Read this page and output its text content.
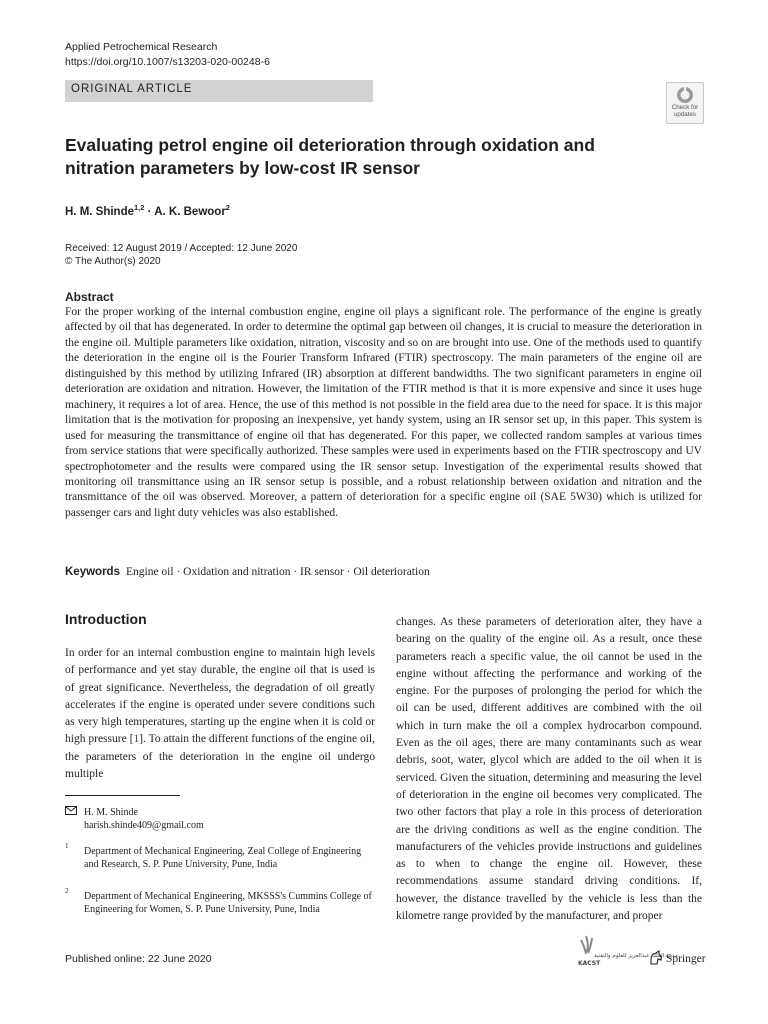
Applied Petrochemical Research
https://doi.org/10.1007/s13203-020-00248-6
ORIGINAL ARTICLE
Check for updates
Evaluating petrol engine oil deterioration through oxidation and nitration parameters by low-cost IR sensor
H. M. Shinde$^{1,2}$ · A. K. Bewoor$^2$
Received: 12 August 2019 / Accepted: 12 June 2020
© The Author(s) 2020
Abstract
For the proper working of the internal combustion engine, engine oil plays a significant role. The performance of the engine is greatly affected by oil that has degenerated. In order to determine the optimal gap between oil changes, it is crucial to measure the deterioration in the engine oil. Multiple parameters like oxidation, nitration, viscosity and so on are brought into use. One of the methods used to quantify the deterioration in the engine oil is the Fourier Transform Infrared (FTIR) spectroscopy. The main parameters of the engine oil are distinguished by this method by utilizing Infrared (IR) absorption at different bandwidths. The two significant parameters in engine oil deterioration are oxidation and nitration. However, the limitation of the FTIR method is that it is more expensive and since it uses huge machinery, it requires a lot of area. Hence, the use of this method is not possible in the field area due to the need for space. It is this major limitation that is the motivation for proposing an inexpensive, yet handy system, using an IR sensor set up, in this paper. This system is used for measuring the transmittance of engine oil that has degenerated. For this paper, we collected random samples at various times from service stations that were specifically authorized. These samples were used in experiments based on the FTIR spectroscopy and UV spectrophotometer and the results were compared using the IR sensor setup. Investigation of the experimental results showed that monitoring oil transmittance using an IR sensor setup is possible, and a robust relationship between oxidation and nitration and the transmittance of the oil was observed. Moreover, a pattern of deterioration for a specific engine oil (SAE 5W30) which is utilized for passenger cars and light duty vehicles was also established.
Keywords Engine oil · Oxidation and nitration · IR sensor · Oil deterioration
Introduction
In order for an internal combustion engine to maintain high levels of performance and yet stay durable, the engine oil that is used is of great significance. Nevertheless, the degradation of oil greatly accelerates if the engine is operated under severe conditions such as very high temperatures, starting up the engine when it is cold or high pressure [1]. To attain the different functions of the engine oil, the parameters of the deterioration in the engine oil undergo multiple
changes. As these parameters of deterioration alter, they have a bearing on the quality of the engine oil. As a result, once these parameters reach a specific value, the oil cannot be used in the engine without affecting the performance and working of the engine. For the purposes of prolonging the period for which the oil can be used, different additives are combined with the oil which in turn make the oil a complex hydrocarbon compound. Even as the oil ages, there are many contaminants such as wear debris, soot, water, glycol which are added to the oil when it is serviced. Given the situation, determining and measuring the level of deterioration in the engine oil becomes very complicated. The two other factors that play a role in this process of deterioration are the driving conditions as well as the engine condition. The manufacturers of the vehicles provide instructions and guidelines as to when to change the engine oil. However, these recommendations assume standard driving conditions. If, however, the distance travelled by the vehicle is less than the kilometre range provided by the manufacturer, and proper
H. M. Shinde
harish.shinde409@gmail.com
1 Department of Mechanical Engineering, Zeal College of Engineering and Research, S. P. Pune University, Pune, India
2 Department of Mechanical Engineering, MKSSS's Cummins College of Engineering for Women, S. P. Pune University, Pune, India
Published online: 22 June 2020	مدينة الملك عبدالعزيز للعلوم والتقنية
KACST	Springer
